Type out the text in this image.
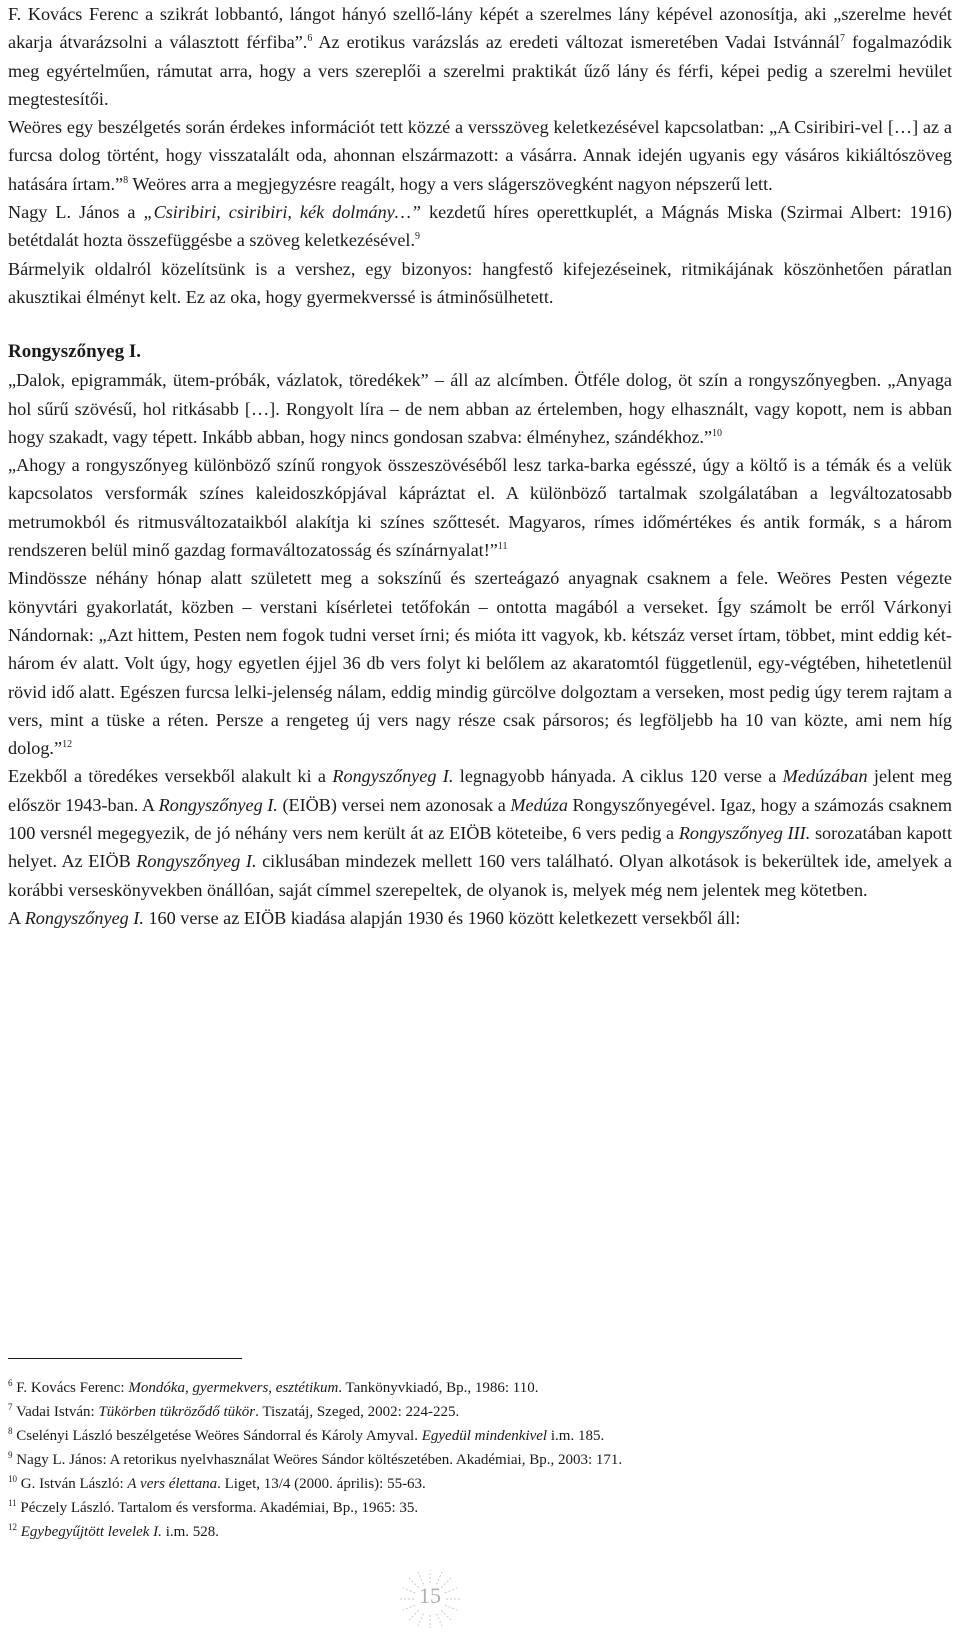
F. Kovács Ferenc a szikrát lobbantó, lángot hányó szellő-lány képét a szerelmes lány képével azonosítja, aki „szerelme hevét akarja átvarázsolni a választott férfiba”.$^6$ Az erotikus varázslás az eredeti változat ismeretében Vadai Istvánnál$^7$ fogalmazódik meg egyértelműen, rámutat arra, hogy a vers szereplői a szerelmi praktikát űző lány és férfi, képei pedig a szerelmi hevület megtestesítői.

Weöres egy beszélgetés során érdekes információt tett közzé a versszöveg keletkezésével kapcsolatban: „A Csiribiri-vel […] az a furcsa dolog történt, hogy visszatalált oda, ahonnan elszármazott: a vásárra. Annak idején ugyanis egy vásáros kikiáltószöveg hatására írtam.”$^8$ Weöres arra a megjegyzésre reagált, hogy a vers slágerszövegként nagyon népszerű lett.

Nagy L. János a „Csiribiri, csiribiri, kék dolmány…” kezdetű híres operettkuplét, a Mágnás Miska (Szirmai Albert: 1916) betétdalát hozta összefüggésbe a szöveg keletkezésével.$^9$

Bármelyik oldalról közelítsünk is a vershez, egy bizonyos: hangfestő kifejezéseinek, ritmikájának köszönhetően páratlan akusztikai élményt kelt. Ez az oka, hogy gyermekverssé is átminősülhetett.

Rongyszőnyeg I.

„Dalok, epigrammák, ütem-próbák, vázlatok, töredékek” – áll az alcímben. Ötféle dolog, öt szín a rongyszőnyegben. „Anyaga hol sűrű szövésű, hol ritkásabb […]. Rongyolt líra – de nem abban az értelemben, hogy elhasznált, vagy kopott, nem is abban hogy szakadt, vagy tépett. Inkább abban, hogy nincs gondosan szabva: élményhez, szándékhoz.”$^{10}$

„Ahogy a rongyszőnyeg különböző színű rongyok összeszövéséből lesz tarka-barka egésszé, úgy a költő is a témák és a velük kapcsolatos versformák színes kaleidoszkópjával kápráztat el. A különböző tartalmak szolgálatában a legváltozatosabb metrumokból és ritmusváltozataikból alakítja ki színes szőttesét. Magyaros, rímes időmértékes és antik formák, s a három rendszeren belül minő gazdag formaváltozatosság és színárnyalat!”$^{11}$

Mindössze néhány hónap alatt született meg a sokszínű és szerteágazó anyagnak csaknem a fele. Weöres Pesten végezte könyvtári gyakorlatát, közben – verstani kísérletei tetőfokán – ontotta magából a verseket. Így számolt be erről Várkonyi Nándornak: „Azt hittem, Pesten nem fogok tudni verset írni; és mióta itt vagyok, kb. kétszáz verset írtam, többet, mint eddig két-három év alatt. Volt úgy, hogy egyetlen éjjel 36 db vers folyt ki belőlem az akaratomtól függetlenül, egy-végtében, hihetetlenül rövid idő alatt. Egészen furcsa lelki-jelenség nálam, eddig mindig gürcölve dolgoztam a verseken, most pedig úgy terem rajtam a vers, mint a tüske a réten. Persze a rengeteg új vers nagy része csak pársoros; és legföljebb ha 10 van közte, ami nem híg dolog.”$^{12}$

Ezekből a töredékes versekből alakult ki a Rongyszőnyeg I. legnagyobb hányada. A ciklus 120 verse a Medúzában jelent meg először 1943-ban. A Rongyszőnyeg I. (EIÖB) versei nem azonosak a Medúza Rongyszőnyegével. Igaz, hogy a számozás csaknem 100 versnél megegyezik, de jó néhány vers nem került át az EIÖB köteteibe, 6 vers pedig a Rongyszőnyeg III. sorozatában kapott helyet. Az EIÖB Rongyszőnyeg I. ciklusában mindezek mellett 160 vers található. Olyan alkotások is bekerültek ide, amelyek a korábbi verseskönyvekben önállóan, saját címmel szerepeltek, de olyanok is, melyek még nem jelentek meg kötetben.

A Rongyszőnyeg I. 160 verse az EIÖB kiadása alapján 1930 és 1960 között keletkezett versekből áll:

$^6$ F. Kovács Ferenc: Mondóka, gyermekvers, esztétikum. Tankönyvkiadó, Bp., 1986: 110.

$^7$ Vadai István: Tükörben tükröződő tükör. Tiszatáj, Szeged, 2002: 224-225.

$^8$ Cselényi László beszélgetése Weöres Sándorral és Károly Amyval. Egyedül mindenkivel i.m. 185.

$^9$ Nagy L. János: A retorikus nyelvhasználat Weöres Sándor költészetében. Akadémiai, Bp., 2003: 171.

$^{10}$ G. István László: A vers élettana. Liget, 13/4 (2000. április): 55-63.

$^{11}$ Péczely László. Tartalom és versforma. Akadémiai, Bp., 1965: 35.

$^{12}$ Egybegyűjtött levelek I. i.m. 528.

15
